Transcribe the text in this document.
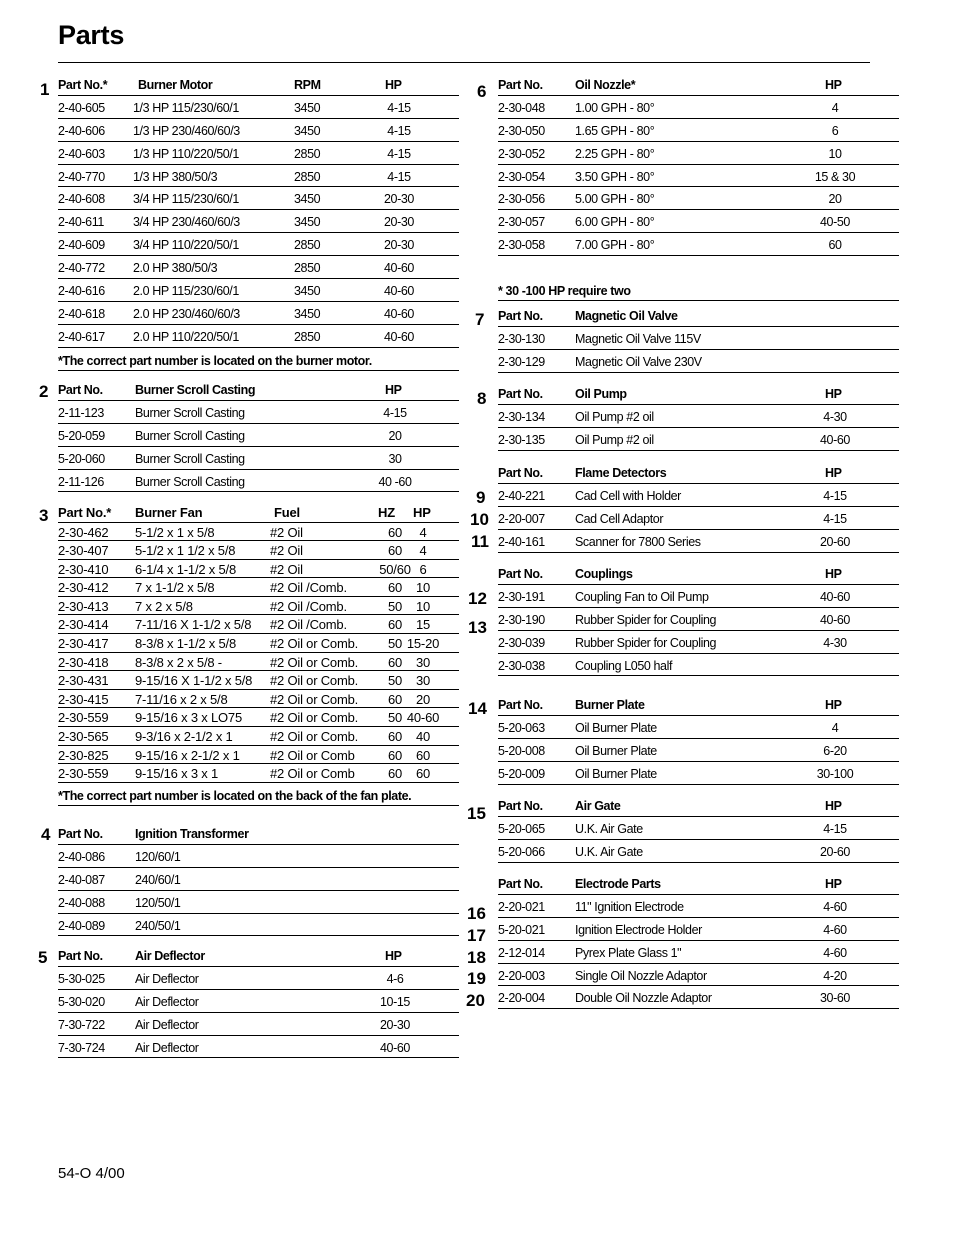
Parts
1 Part No.* Burner Motor	RPM	HP
2-40-605 1/3 HP 115/230/60/1	3450	4-15
2-40-606 1/3 HP 230/460/60/3	3450	4-15
2-40-603 1/3 HP 110/220/50/1	2850	4-15
2-40-770 1/3 HP 380/50/3	2850	4-15
2-40-608 3/4 HP 115/230/60/1	3450	20-30
2-40-611 3/4 HP 230/460/60/3	3450	20-30
2-40-609 3/4 HP 110/220/50/1	2850	20-30
2-40-772 2.0 HP 380/50/3	2850	40-60
2-40-616 2.0 HP 115/230/60/1	3450	40-60
2-40-618 2.0 HP 230/460/60/3	3450	40-60
2-40-617 2.0 HP 110/220/50/1	2850	40-60
*The correct part number is located on the burner motor.
2 Part No.	Burner Scroll Casting	HP
2-11-123 Burner Scroll Casting	4-15
5-20-059 Burner Scroll Casting	20
5-20-060 Burner Scroll Casting	30
2-11-126 Burner Scroll Casting	40 -60
3 Part No.* Burner Fan	Fuel	HZ HP
2-30-462 5-1/2 x 1 x 5/8	#2 Oil	60	4
2-30-407 5-1/2 x 1 1/2 x 5/8	#2 Oil	60	4
2-30-410 6-1/4 x 1-1/2 x 5/8	#2 Oil	50/60 6
2-30-412 7 x 1-1/2 x 5/8	#2 Oil /Comb.	60	10
2-30-413 7 x 2 x 5/8	#2 Oil /Comb.	50	10
2-30-414 7-11/16 X 1-1/2 x 5/8 #2 Oil /Comb.	60	15
2-30-417 8-3/8 x 1-1/2 x 5/8	#2 Oil or Comb.	50 15-20
2-30-418 8-3/8 x 2 x 5/8 -	#2 Oil or Comb.	60	30
2-30-431 9-15/16 X 1-1/2 x 5/8 #2 Oil or Comb.	50	30
2-30-415 7-11/16 x 2 x 5/8	#2 Oil or Comb.	60	20
2-30-559 9-15/16 x 3 x LO75 #2 Oil or Comb.	50 40-60
2-30-565 9-3/16 x 2-1/2 x 1	#2 Oil or Comb.	60	40
2-30-825 9-15/16 x 2-1/2 x 1 #2 Oil or Comb	60	60
2-30-559 9-15/16 x 3 x 1	#2 Oil or Comb	60	60
*The correct part number is located on the back of the fan plate.
4 Part No.	Ignition Transformer
2-40-086 120/60/1
2-40-087 240/60/1
2-40-088 120/50/1
2-40-089 240/50/1
5 Part No.	Air Deflector	HP
5-30-025 Air Deflector	4-6
5-30-020 Air Deflector	10-15
7-30-722 Air Deflector	20-30
7-30-724 Air Deflector	40-60
6 Part No.	Oil Nozzle*	HP
2-30-048 1.00 GPH - 80°	4
2-30-050 1.65 GPH - 80°	6
2-30-052 2.25 GPH - 80°	10
2-30-054 3.50 GPH - 80°	15 & 30
2-30-056 5.00 GPH - 80°	20
2-30-057 6.00 GPH - 80°	40-50
2-30-058 7.00 GPH - 80°	60
* 30 -100 HP require two
7 Part No.	Magnetic Oil Valve
2-30-130 Magnetic Oil Valve 115V
2-30-129 Magnetic Oil Valve 230V
8 Part No.	Oil Pump	HP
2-30-134 Oil Pump #2 oil	4-30
2-30-135 Oil Pump #2 oil	40-60
9
10
11
Part No.	Flame Detectors	HP
2-40-221 Cad Cell with Holder	4-15
2-20-007 Cad Cell Adaptor	4-15
2-40-161 Scanner for 7800 Series	20-60
12
13
Part No.	Couplings	HP
2-30-191 Coupling Fan to Oil Pump	40-60
2-30-190 Rubber Spider for Coupling	40-60
2-30-039 Rubber Spider for Coupling	4-30
2-30-038 Coupling L050 half
14 Part No.	Burner Plate	HP
5-20-063 Oil Burner Plate	4
5-20-008 Oil Burner Plate	6-20
5-20-009 Oil Burner Plate	30-100
15 Part No.	Air Gate	HP
5-20-065 U.K. Air Gate	4-15
5-20-066 U.K. Air Gate	20-60
16
17
18
19
20
Part No.	Electrode Parts	HP
2-20-021 11" Ignition Electrode	4-60
5-20-021 Ignition Electrode Holder	4-60
2-12-014 Pyrex Plate Glass 1"	4-60
2-20-003 Single Oil Nozzle Adaptor	4-20
2-20-004 Double Oil Nozzle Adaptor	30-60
54-O 4/00
